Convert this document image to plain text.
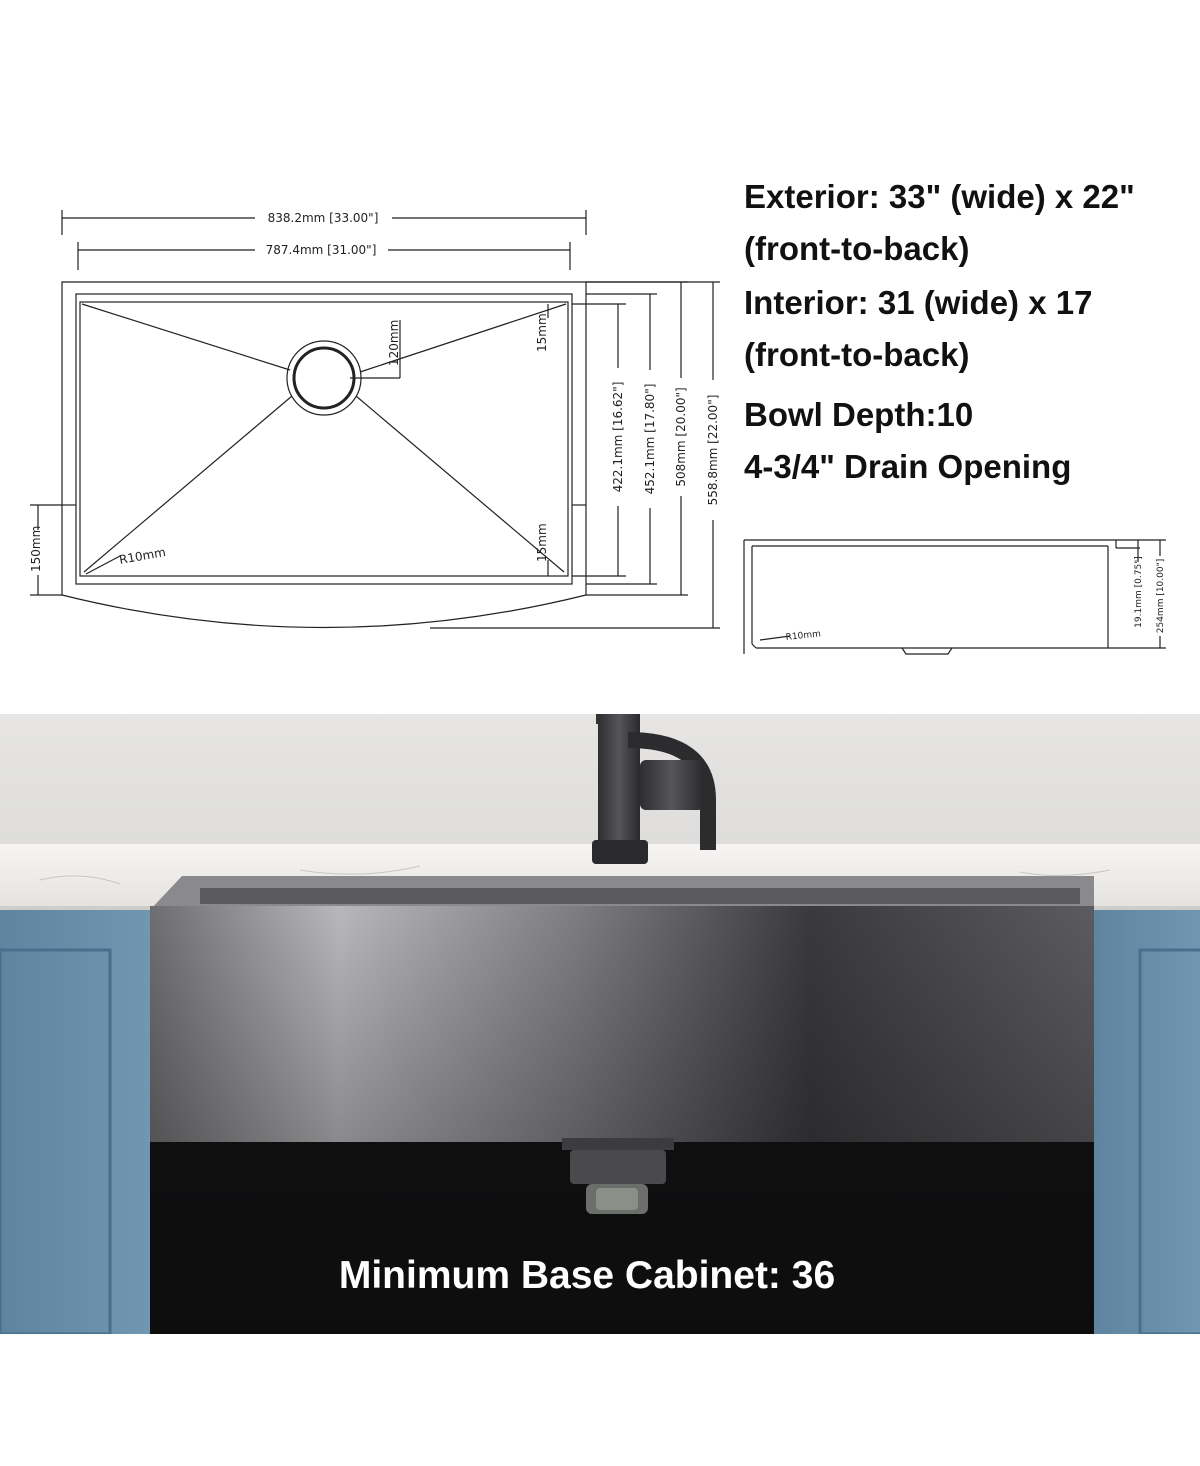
838.2mm [33.00"]
787.4mm [31.00"]
120mm	15mm
15mm
R10mm
150mm
422.1mm [16.62"] 452.1mm [17.80"] 508mm [20.00"] 558.8mm [22.00"]
Exterior: 33" (wide) x 22"
(front-to-back)
Interior: 31 (wide) x 17
(front-to-back)
Bowl Depth:10
4-3/4" Drain Opening
R10mm
19.1mm [0.75"] 254mm [10.00"]
Minimum Base Cabinet: 36
